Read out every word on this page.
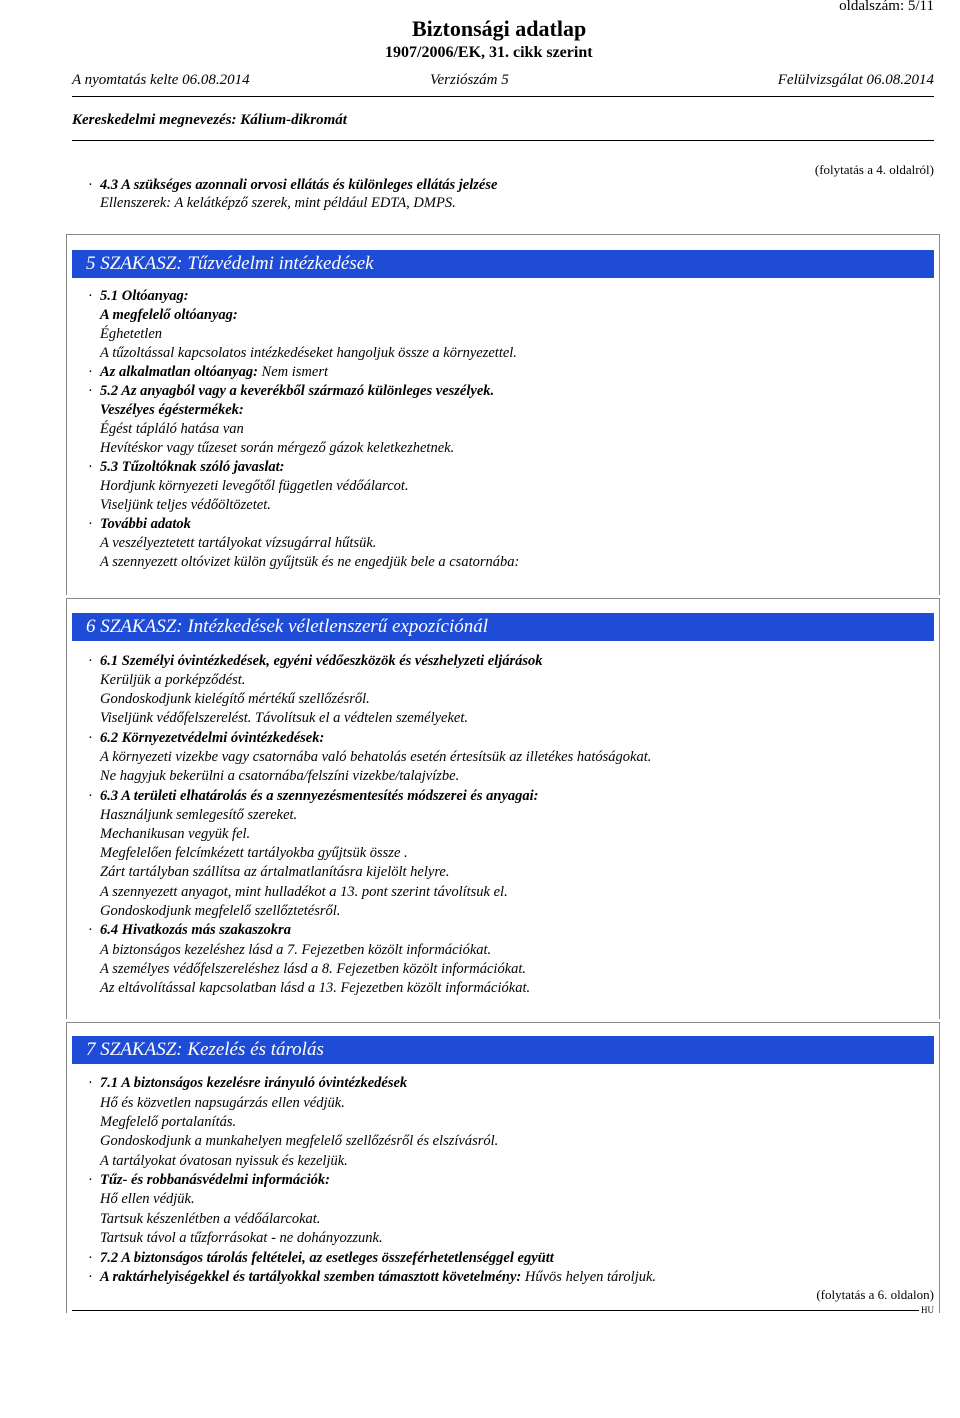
oldalszám: 5/11
Biztonsági adatlap
1907/2006/EK, 31. cikk szerint
A nyomtatás kelte 06.08.2014	Verziószám 5	Felülvizsgálat 06.08.2014
Kereskedelmi megnevezés: Kálium-dikromát
(folytatás a 4. oldalról)
· 4.3 A szükséges azonnali orvosi ellátás és különleges ellátás jelzése
Ellenszerek: A kelátképző szerek, mint például EDTA, DMPS.
5 SZAKASZ: Tűzvédelmi intézkedések
· 5.1 Oltóanyag:
A megfelelő oltóanyag:
Éghetetlen
A tűzoltással kapcsolatos intézkedéseket hangoljuk össze a környezettel.
· Az alkalmatlan oltóanyag: Nem ismert
· 5.2 Az anyagból vagy a keverékből származó különleges veszélyek.
Veszélyes égéstermékek:
Égést tápláló hatása van
Hevítéskor vagy tűzeset során mérgező gázok keletkezhetnek.
· 5.3 Tűzoltóknak szóló javaslat:
Hordjunk környezeti levegőtől független védőálarcot.
Viseljünk teljes védőöltözetet.
· További adatok
A veszélyeztetett tartályokat vízsugárral hűtsük.
A szennyezett oltóvizet külön gyűjtsük és ne engedjük bele a csatornába:
6 SZAKASZ: Intézkedések véletlenszerű expozíciónál
· 6.1 Személyi óvintézkedések, egyéni védőeszközök és vészhelyzeti eljárások
Kerüljük a porképződést.
Gondoskodjunk kielégítő mértékű szellőzésről.
Viseljünk védőfelszerelést. Távolítsuk el a védtelen személyeket.
· 6.2 Környezetvédelmi óvintézkedések:
A környezeti vizekbe vagy csatornába való behatolás esetén értesítsük az illetékes hatóságokat.
Ne hagyjuk bekerülni a csatornába/felszíni vizekbe/talajvízbe.
· 6.3 A területi elhatárolás és a szennyezésmentesítés módszerei és anyagai:
Használjunk semlegesítő szereket.
Mechanikusan vegyük fel.
Megfelelően felcímkézett tartályokba gyűjtsük össze .
Zárt tartályban szállítsa az ártalmatlanításra kijelölt helyre.
A szennyezett anyagot, mint hulladékot a 13. pont szerint távolítsuk el.
Gondoskodjunk megfelelő szellőztetésről.
· 6.4 Hivatkozás más szakaszokra
A biztonságos kezeléshez lásd a 7. Fejezetben közölt információkat.
A személyes védőfelszereléshez lásd a 8. Fejezetben közölt információkat.
Az eltávolítással kapcsolatban lásd a 13. Fejezetben közölt információkat.
7 SZAKASZ: Kezelés és tárolás
· 7.1 A biztonságos kezelésre irányuló óvintézkedések
Hő és közvetlen napsugárzás ellen védjük.
Megfelelő portalanítás.
Gondoskodjunk a munkahelyen megfelelő szellőzésről és elszívásról.
A tartályokat óvatosan nyissuk és kezeljük.
· Tűz- és robbanásvédelmi információk:
Hő ellen védjük.
Tartsuk készenlétben a védőálarcokat.
Tartsuk távol a tűzforrásokat - ne dohányozzunk.
· 7.2 A biztonságos tárolás feltételei, az esetleges összeférhetetlenséggel együtt
· A raktárhelyiségekkel és tartályokkal szemben támasztott követelmény: Hűvös helyen tároljuk.
(folytatás a 6. oldalon)
HU
